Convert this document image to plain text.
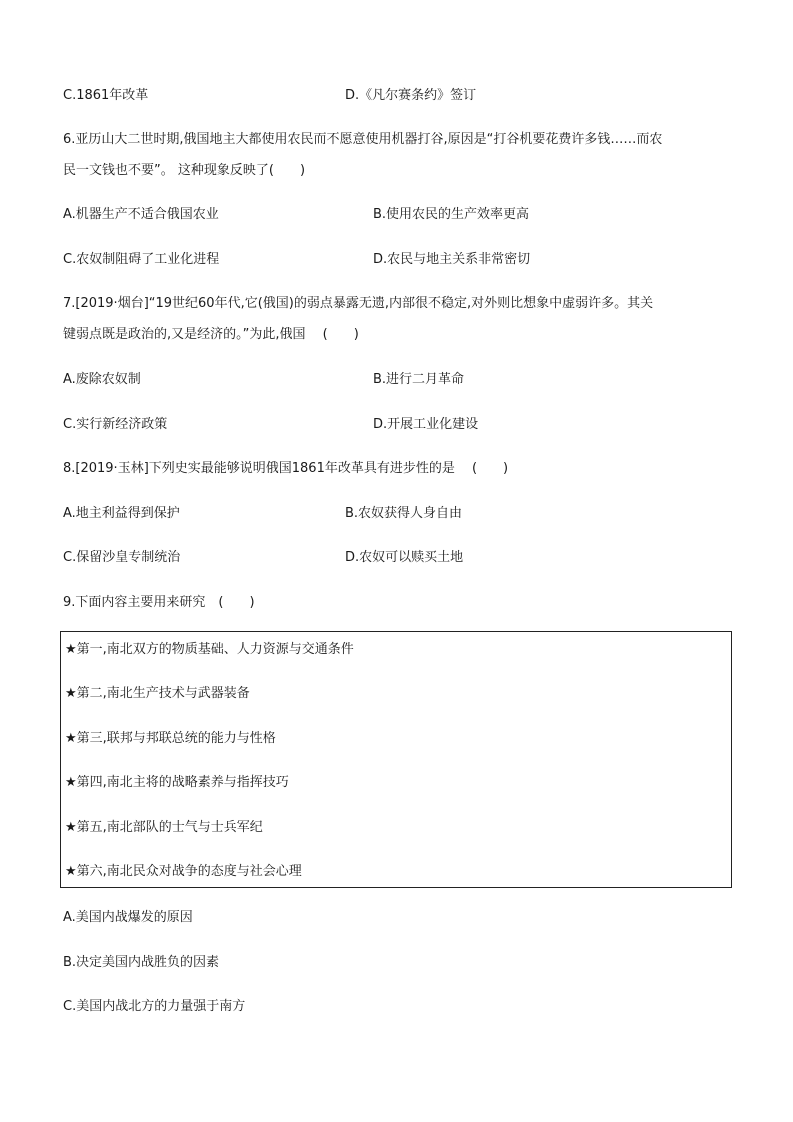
C.1861年改革	D.《凡尔赛条约》签订
6.亚历山大二世时期,俄国地主大都使用农民而不愿意使用机器打谷,原因是“打谷机要花费许多钱……而农
民一文钱也不要”。 这种现象反映了(　　)
A.机器生产不适合俄国农业	B.使用农民的生产效率更高
C.农奴制阻碍了工业化进程	D.农民与地主关系非常密切
7.[2019·烟台]“19世纪60年代,它(俄国)的弱点暴露无遗,内部很不稳定,对外则比想象中虚弱许多。其关
键弱点既是政治的,又是经济的。”为此,俄国　 (　　)
A.废除农奴制	B.进行二月革命
C.实行新经济政策	D.开展工业化建设
8.[2019·玉林]下列史实最能够说明俄国1861年改革具有进步性的是　 (　　)
A.地主利益得到保护	B.农奴获得人身自由
C.保留沙皇专制统治	D.农奴可以赎买土地
9.下面内容主要用来研究　(　　)
★第一,南北双方的物质基础、人力资源与交通条件
★第二,南北生产技术与武器装备
★第三,联邦与邦联总统的能力与性格
★第四,南北主将的战略素养与指挥技巧
★第五,南北部队的士气与士兵军纪
★第六,南北民众对战争的态度与社会心理
A.美国内战爆发的原因
B.决定美国内战胜负的因素
C.美国内战北方的力量强于南方
